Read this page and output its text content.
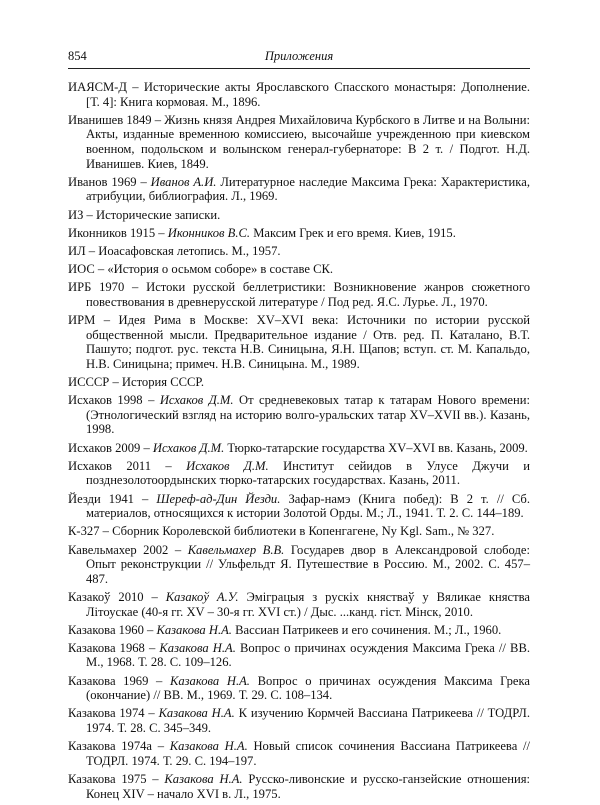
854	Приложения

ИАЯСМ-Д – Исторические акты Ярославского Спасского монастыря: Дополнение. [Т. 4]: Книга кормовая. М., 1896.

Иванишев 1849 – Жизнь князя Андрея Михайловича Курбского в Литве и на Волыни: Акты, изданные временною комиссиею, высочайше учрежденною при киевском военном, подольском и волынском генерал-губернаторе: В 2 т. / Подгот. Н.Д. Иванишев. Киев, 1849.

Иванов 1969 – Иванов А.И. Литературное наследие Максима Грека: Характеристика, атрибуции, библиография. Л., 1969.

ИЗ – Исторические записки.

Иконников 1915 – Иконников В.С. Максим Грек и его время. Киев, 1915.

ИЛ – Иоасафовская летопись. М., 1957.

ИОС – «История о осьмом соборе» в составе СК.

ИРБ 1970 – Истоки русской беллетристики: Возникновение жанров сюжетного повествования в древнерусской литературе / Под ред. Я.С. Лурье. Л., 1970.

ИРМ – Идея Рима в Москве: XV–XVI века: Источники по истории русской общественной мысли. Предварительное издание / Отв. ред. П. Каталано, В.Т. Пашуто; подгот. рус. текста Н.В. Синицына, Я.Н. Щапов; вступ. ст. М. Капальдо, Н.В. Синицына; примеч. Н.В. Синицына. М., 1989.

ИССCР – История СССР.

Исхаков 1998 – Исхаков Д.М. От средневековых татар к татарам Нового времени: (Этнологический взгляд на историю волго-уральских татар XV–XVII вв.). Казань, 1998.

Исхаков 2009 – Исхаков Д.М. Тюрко-татарские государства XV–XVI вв. Казань, 2009.

Исхаков 2011 – Исхаков Д.М. Институт сейидов в Улусе Джучи и позднезолотоордынских тюрко-татарских государствах. Казань, 2011.

Йезди 1941 – Шереф-ад-Дин Йезди. Зафар-намэ (Книга побед): В 2 т. // Сб. материалов, относящихся к истории Золотой Орды. М.; Л., 1941. Т. 2. С. 144–189.

К-327 – Сборник Королевской библиотеки в Копенгагене, Ny Kgl. Sam., № 327.

Кавельмахер 2002 – Кавельмахер В.В. Государев двор в Александровой слободе: Опыт реконструкции // Ульфельдт Я. Путешествие в Россию. М., 2002. С. 457–487.

Казакоў 2010 – Казакоў А.У. Эміграцыя з рускіх княстваў у Вяликае княства Літоускае (40-я гг. XV – 30-я гг. XVI ст.) / Дыс. ...канд. гіст. Мінск, 2010.

Казакова 1960 – Казакова Н.А. Вассиан Патрикеев и его сочинения. М.; Л., 1960.

Казакова 1968 – Казакова Н.А. Вопрос о причинах осуждения Максима Грека // ВВ. М., 1968. Т. 28. С. 109–126.

Казакова 1969 – Казакова Н.А. Вопрос о причинах осуждения Максима Грека (окончание) // ВВ. М., 1969. Т. 29. С. 108–134.

Казакова 1974 – Казакова Н.А. К изучению Кормчей Вассиана Патрикеева // ТОДРЛ. 1974. Т. 28. С. 345–349.

Казакова 1974а – Казакова Н.А. Новый список сочинения Вассиана Патрикеева // ТОДРЛ. 1974. Т. 29. С. 194–197.

Казакова 1975 – Казакова Н.А. Русско-ливонские и русско-ганзейские отношения: Конец XIV – начало XVI в. Л., 1975.
